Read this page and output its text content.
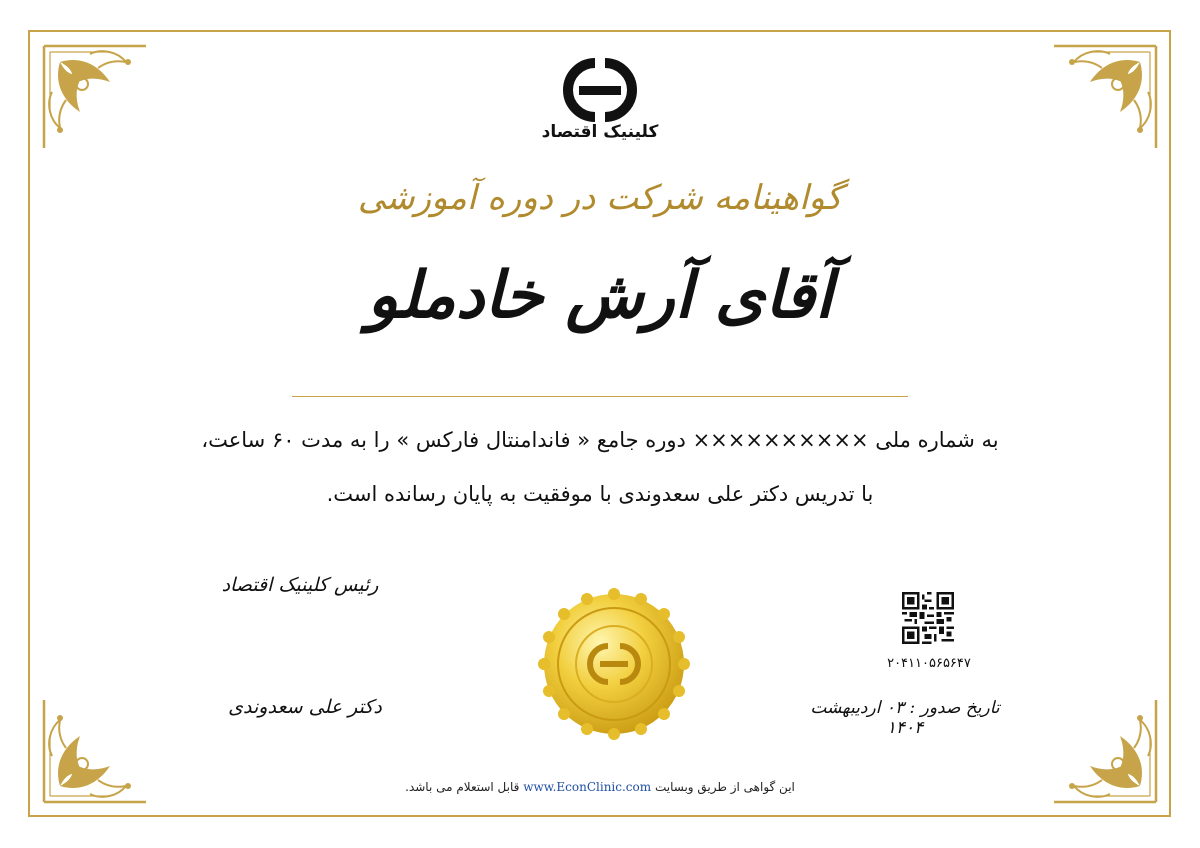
کلینیک اقتصاد
گواهینامه شرکت در دوره آموزشی
آقای آرش خادملو
به شماره ملی ×××××××××× دوره جامع « فاندامنتال فارکس » را به مدت ۶۰ ساعت،
با تدریس دکتر علی سعدوندی با موفقیت به پایان رسانده است.
رئیس کلینیک اقتصاد
دکتر علی سعدوندی
۲۰۴۱۱۰۵۶۵۶۴۷
تاریخ صدور : ۰۳ اردیبهشت ۱۴۰۴
این گواهی از طریق وبسایت www.EconClinic.com قابل استعلام می باشد.
